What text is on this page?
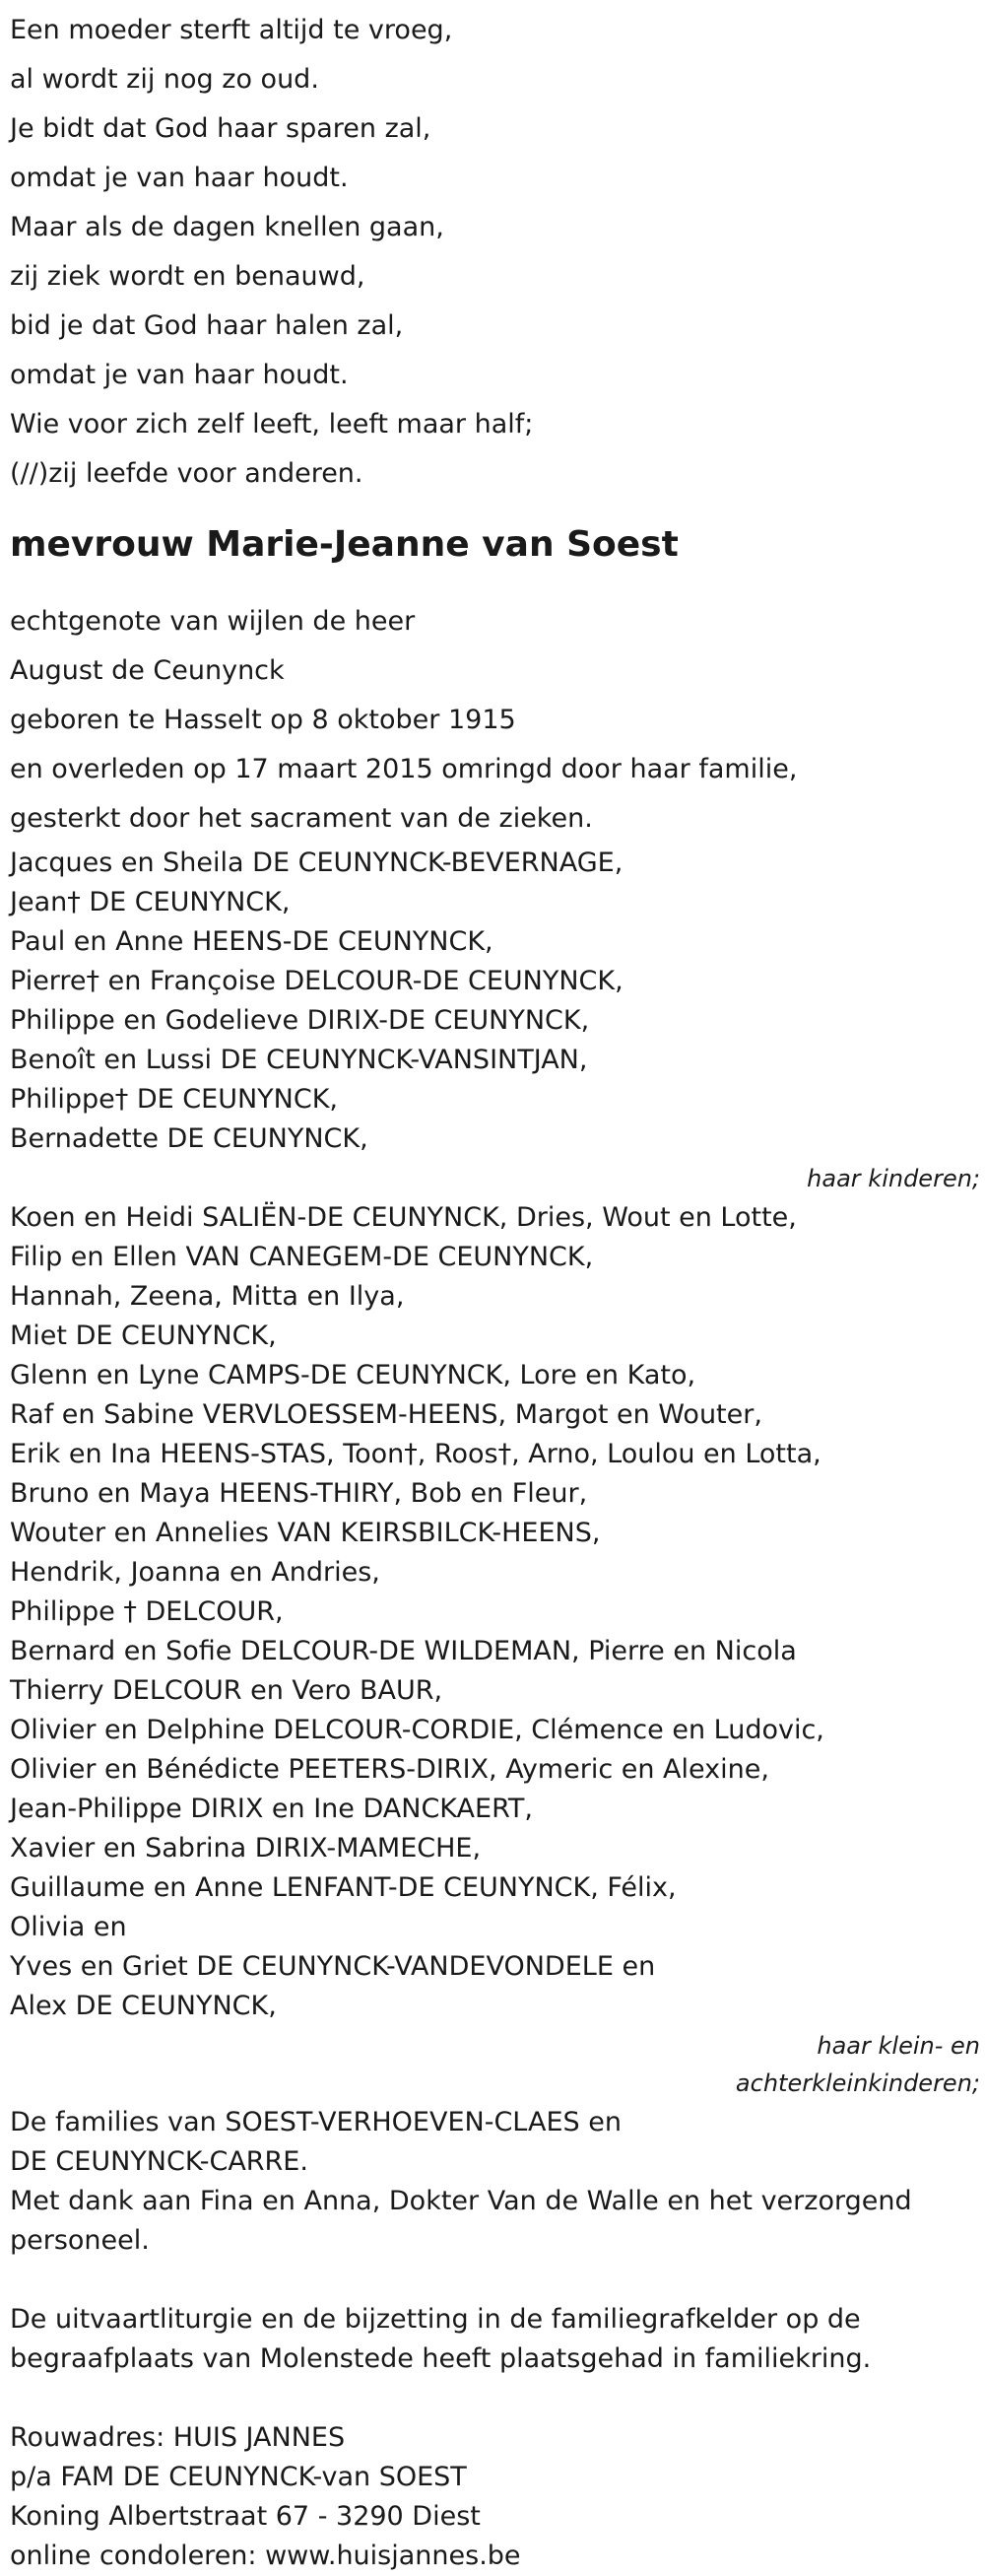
Een moeder sterft altijd te vroeg,
al wordt zij nog zo oud.
Je bidt dat God haar sparen zal,
omdat je van haar houdt.
Maar als de dagen knellen gaan,
zij ziek wordt en benauwd,
bid je dat God haar halen zal,
omdat je van haar houdt.
Wie voor zich zelf leeft, leeft maar half;
(//)zij leefde voor anderen.
mevrouw Marie-Jeanne van Soest
echtgenote van wijlen de heer
August de Ceunynck
geboren te Hasselt op 8 oktober 1915
en overleden op 17 maart 2015 omringd door haar familie,
gesterkt door het sacrament van de zieken.
Jacques en Sheila DE CEUNYNCK-BEVERNAGE,
Jean† DE CEUNYNCK,
Paul en Anne HEENS-DE CEUNYNCK,
Pierre† en Françoise DELCOUR-DE CEUNYNCK,
Philippe en Godelieve DIRIX-DE CEUNYNCK,
Benoît en Lussi DE CEUNYNCK-VANSINTJAN,
Philippe† DE CEUNYNCK,
Bernadette DE CEUNYNCK,
haar kinderen;
Koen en Heidi SALIËN-DE CEUNYNCK, Dries, Wout en Lotte,
Filip en Ellen VAN CANEGEM-DE CEUNYNCK,
Hannah, Zeena, Mitta en Ilya,
Miet DE CEUNYNCK,
Glenn en Lyne CAMPS-DE CEUNYNCK, Lore en Kato,
Raf en Sabine VERVLOESSEM-HEENS, Margot en Wouter,
Erik en Ina HEENS-STAS, Toon†, Roos†, Arno, Loulou en Lotta,
Bruno en Maya HEENS-THIRY, Bob en Fleur,
Wouter en Annelies VAN KEIRSBILCK-HEENS,
Hendrik, Joanna en Andries,
Philippe † DELCOUR,
Bernard en Sofie DELCOUR-DE WILDEMAN, Pierre en Nicola
Thierry DELCOUR en Vero BAUR,
Olivier en Delphine DELCOUR-CORDIE, Clémence en Ludovic,
Olivier en Bénédicte PEETERS-DIRIX, Aymeric en Alexine,
Jean-Philippe DIRIX en Ine DANCKAERT,
Xavier en Sabrina DIRIX-MAMECHE,
Guillaume en Anne LENFANT-DE CEUNYNCK, Félix,
Olivia en
Yves en Griet DE CEUNYNCK-VANDEVONDELE en
Alex DE CEUNYNCK,
haar klein- en
achterkleinkinderen;
De families van SOEST-VERHOEVEN-CLAES en
DE CEUNYNCK-CARRE.
Met dank aan Fina en Anna, Dokter Van de Walle en het verzorgend
personeel.
De uitvaartliturgie en de bijzetting in de familiegrafkelder op de
begraafplaats van Molenstede heeft plaatsgehad in familiekring.
Rouwadres: HUIS JANNES
p/a FAM DE CEUNYNCK-van SOEST
Koning Albertstraat 67 - 3290 Diest
online condoleren: www.huisjannes.be
